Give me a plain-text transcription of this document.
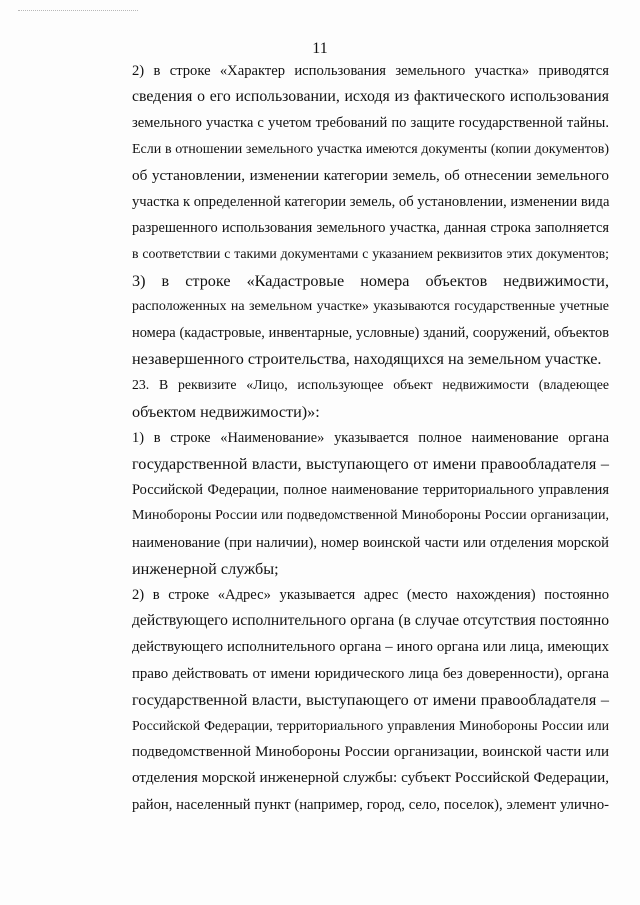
11
2) в строке «Характер использования земельного участка» приводятся
сведения о его использовании, исходя из фактического использования
земельного участка с учетом требований по защите государственной тайны.
Если в отношении земельного участка имеются документы (копии документов)
об установлении, изменении категории земель, об отнесении земельного
участка к определенной категории земель, об установлении, изменении вида
разрешенного использования земельного участка, данная строка заполняется
в соответствии с такими документами с указанием реквизитов этих документов;
3) в строке «Кадастровые номера объектов недвижимости,
расположенных на земельном участке» указываются государственные учетные
номера (кадастровые, инвентарные, условные) зданий, сооружений, объектов
незавершенного строительства, находящихся на земельном участке.
23. В реквизите «Лицо, использующее объект недвижимости (владеющее
объектом недвижимости)»:
1) в строке «Наименование» указывается полное наименование органа
государственной власти, выступающего от имени правообладателя –
Российской Федерации, полное наименование территориального управления
Минобороны России или подведомственной Минобороны России организации,
наименование (при наличии), номер воинской части или отделения морской
инженерной службы;
2) в строке «Адрес» указывается адрес (место нахождения) постоянно
действующего исполнительного органа (в случае отсутствия постоянно
действующего исполнительного органа – иного органа или лица, имеющих
право действовать от имени юридического лица без доверенности), органа
государственной власти, выступающего от имени правообладателя –
Российской Федерации, территориального управления Минобороны России или
подведомственной Минобороны России организации, воинской части или
отделения морской инженерной службы: субъект Российской Федерации,
район, населенный пункт (например, город, село, поселок), элемент улично-
